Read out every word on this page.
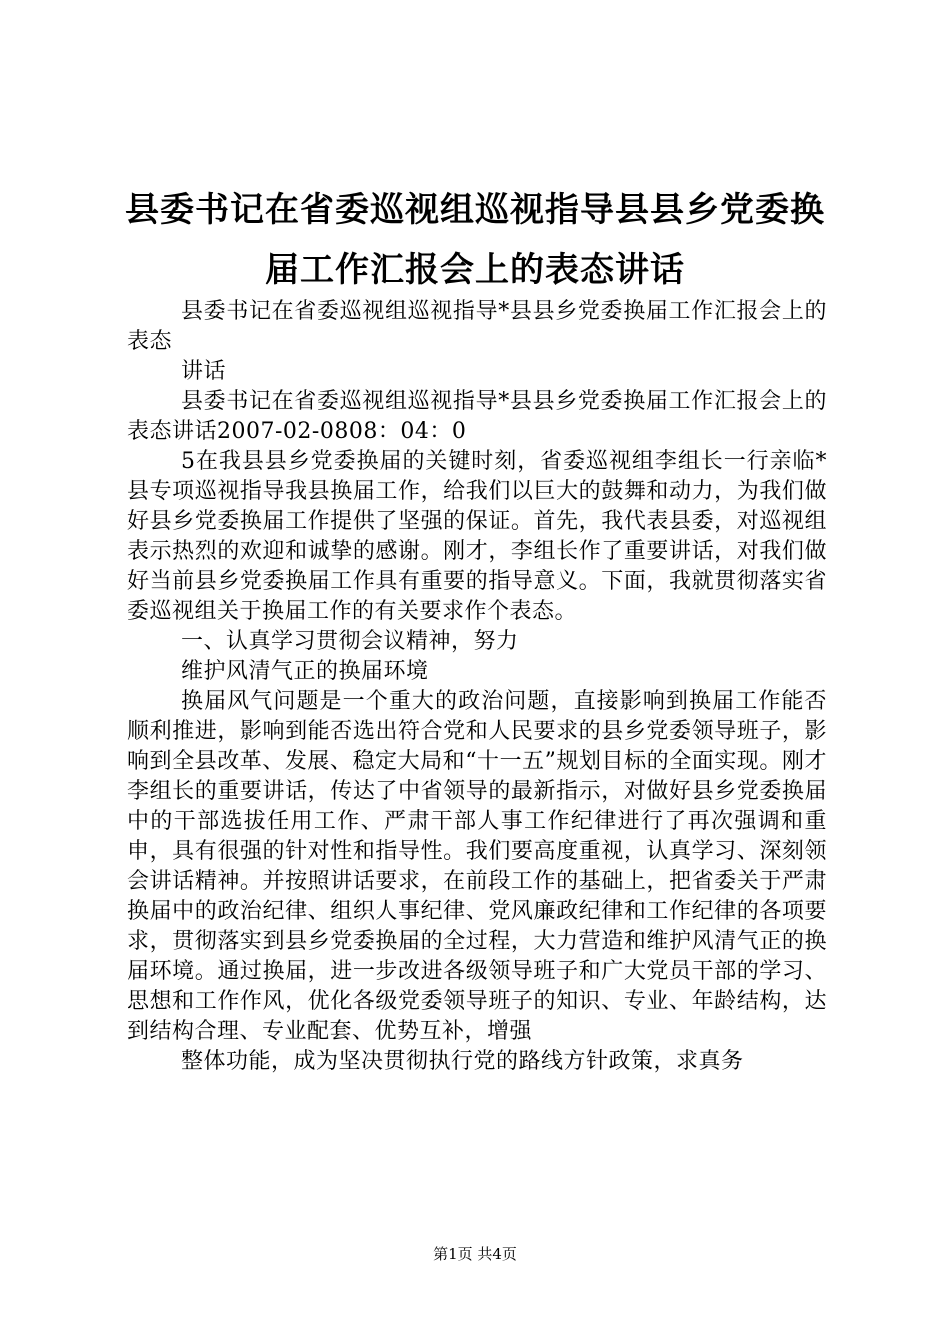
县委书记在省委巡视组巡视指导县县乡党委换
届工作汇报会上的表态讲话

县委书记在省委巡视组巡视指导*县县乡党委换届工作汇报会上的表态

讲话

县委书记在省委巡视组巡视指导*县县乡党委换届工作汇报会上的表态讲话2007-02-0808：04：0

5在我县县乡党委换届的关键时刻，省委巡视组李组长一行亲临*县专项巡视指导我县换届工作，给我们以巨大的鼓舞和动力，为我们做好县乡党委换届工作提供了坚强的保证。首先，我代表县委，对巡视组表示热烈的欢迎和诚挚的感谢。刚才，李组长作了重要讲话，对我们做好当前县乡党委换届工作具有重要的指导意义。下面，我就贯彻落实省委巡视组关于换届工作的有关要求作个表态。

一、认真学习贯彻会议精神，努力

维护风清气正的换届环境

换届风气问题是一个重大的政治问题，直接影响到换届工作能否顺利推进，影响到能否选出符合党和人民要求的县乡党委领导班子，影响到全县改革、发展、稳定大局和“十一五”规划目标的全面实现。刚才李组长的重要讲话，传达了中省领导的最新指示，对做好县乡党委换届中的干部选拔任用工作、严肃干部人事工作纪律进行了再次强调和重申，具有很强的针对性和指导性。我们要高度重视，认真学习、深刻领会讲话精神。并按照讲话要求，在前段工作的基础上，把省委关于严肃换届中的政治纪律、组织人事纪律、党风廉政纪律和工作纪律的各项要求，贯彻落实到县乡党委换届的全过程，大力营造和维护风清气正的换届环境。通过换届，进一步改进各级领导班子和广大党员干部的学习、思想和工作作风，优化各级党委领导班子的知识、专业、年龄结构，达到结构合理、专业配套、优势互补，增强

整体功能，成为坚决贯彻执行党的路线方针政策，求真务

第1页 共4页
